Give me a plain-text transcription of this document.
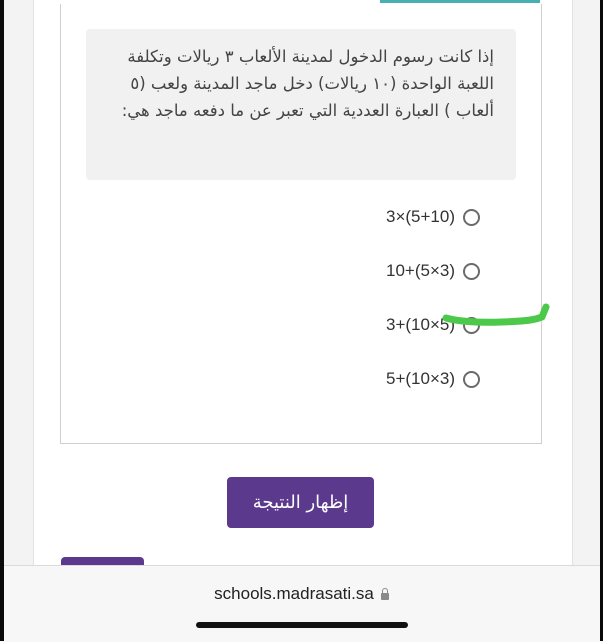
إذا كانت رسوم الدخول لمدينة الألعاب ٣ ريالات وتكلفة اللعبة الواحدة (١٠ ريالات) دخل ماجد المدينة ولعب (٥ ألعاب ) العبارة العددية التي تعبر عن ما دفعه ماجد هي:
3×(5+10)
10+(5×3)
3+(10×5)
5+(10×3)
إظهار النتيجة
schools.madrasati.sa
